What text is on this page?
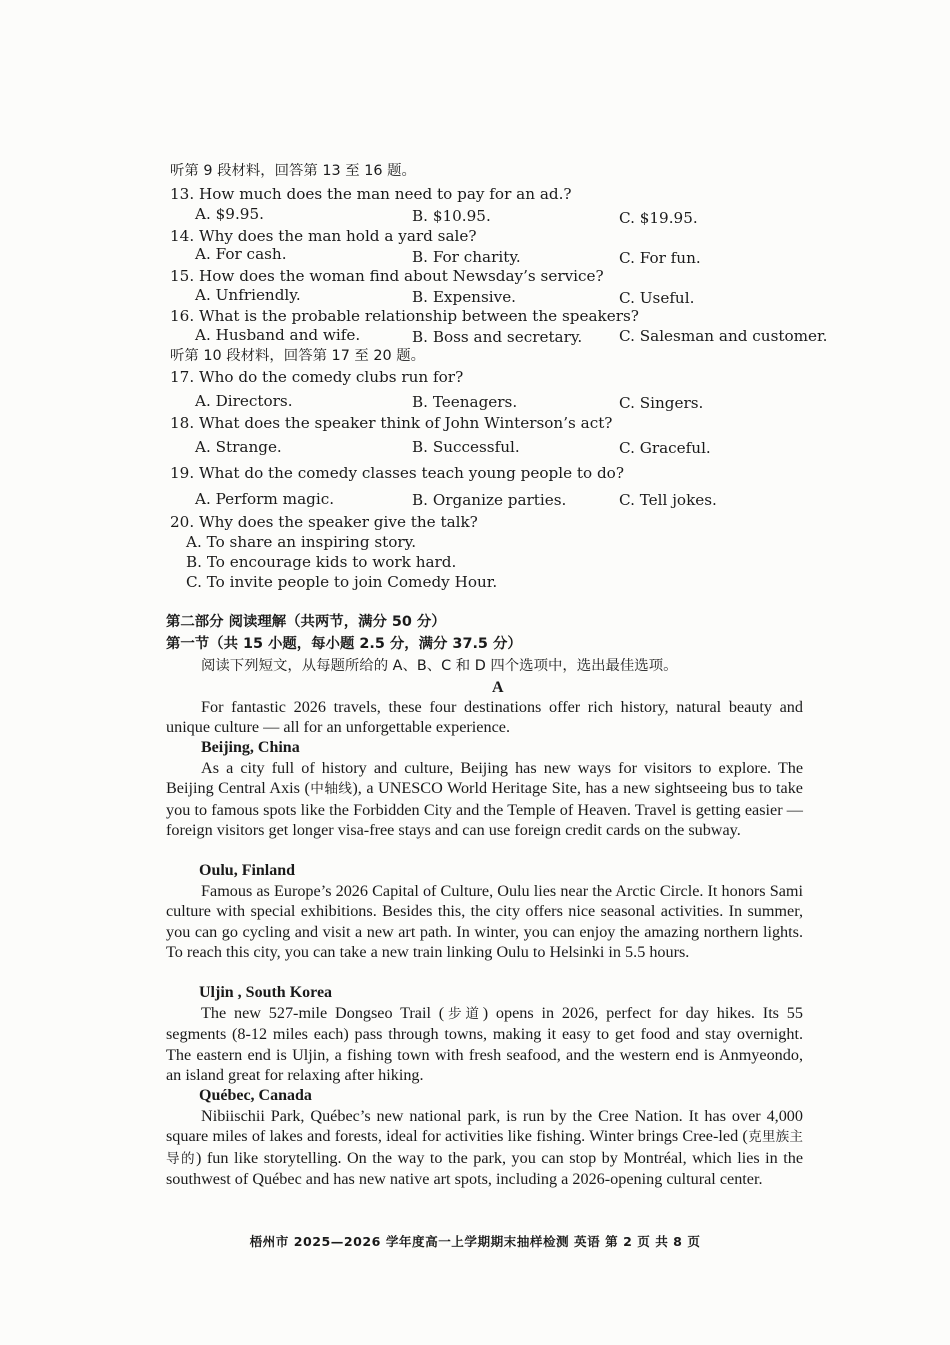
听第 9 段材料，回答第 13 至 16 题。
13. How much does the man need to pay for an ad.?
A. $9.95.	B. $10.95.	C. $19.95.
14. Why does the man hold a yard sale?
A. For cash.	B. For charity.	C. For fun.
15. How does the woman find about Newsday’s service?
A. Unfriendly.	B. Expensive.	C. Useful.
16. What is the probable relationship between the speakers?
A. Husband and wife.	B. Boss and secretary. C. Salesman and customer.
听第 10 段材料，回答第 17 至 20 题。
17. Who do the comedy clubs run for?
A. Directors.	B. Teenagers.	C. Singers.
18. What does the speaker think of John Winterson’s act?
A. Strange.	B. Successful.	C. Graceful.
19. What do the comedy classes teach young people to do?
A. Perform magic.	B. Organize parties.	C. Tell jokes.
20. Why does the speaker give the talk?
A. To share an inspiring story.
B. To encourage kids to work hard.
C. To invite people to join Comedy Hour.
第二部分 阅读理解（共两节，满分 50 分）
第一节（共 15 小题，每小题 2.5 分，满分 37.5 分）
阅读下列短文，从每题所给的 A、B、C 和 D 四个选项中，选出最佳选项。
A

For fantastic 2026 travels, these four destinations offer rich history, natural beauty and unique culture — all for an unforgettable experience.

Beijing, China

As a city full of history and culture, Beijing has new ways for visitors to explore. The Beijing Central Axis (中轴线), a UNESCO World Heritage Site, has a new sightseeing bus to take you to famous spots like the Forbidden City and the Temple of Heaven. Travel is getting easier — foreign visitors get longer visa-free stays and can use foreign credit cards on the subway.

Oulu, Finland

Famous as Europe’s 2026 Capital of Culture, Oulu lies near the Arctic Circle. It honors Sami culture with special exhibitions. Besides this, the city offers nice seasonal activities. In summer, you can go cycling and visit a new art path. In winter, you can enjoy the amazing northern lights. To reach this city, you can take a new train linking Oulu to Helsinki in 5.5 hours.

Uljin , South Korea

The new 527-mile Dongseo Trail (步道) opens in 2026, perfect for day hikes. Its 55 segments (8-12 miles each) pass through towns, making it easy to get food and stay overnight. The eastern end is Uljin, a fishing town with fresh seafood, and the western end is Anmyeondo, an island great for relaxing after hiking.

Québec, Canada

Nibiischii Park, Québec’s new national park, is run by the Cree Nation. It has over 4,000 square miles of lakes and forests, ideal for activities like fishing. Winter brings Cree-led (克里族主导的) fun like storytelling. On the way to the park, you can stop by Montréal, which lies in the southwest of Québec and has new native art spots, including a 2026-opening cultural center.

梧州市 2025—2026 学年度高一上学期期末抽样检测 英语 第 2 页 共 8 页
